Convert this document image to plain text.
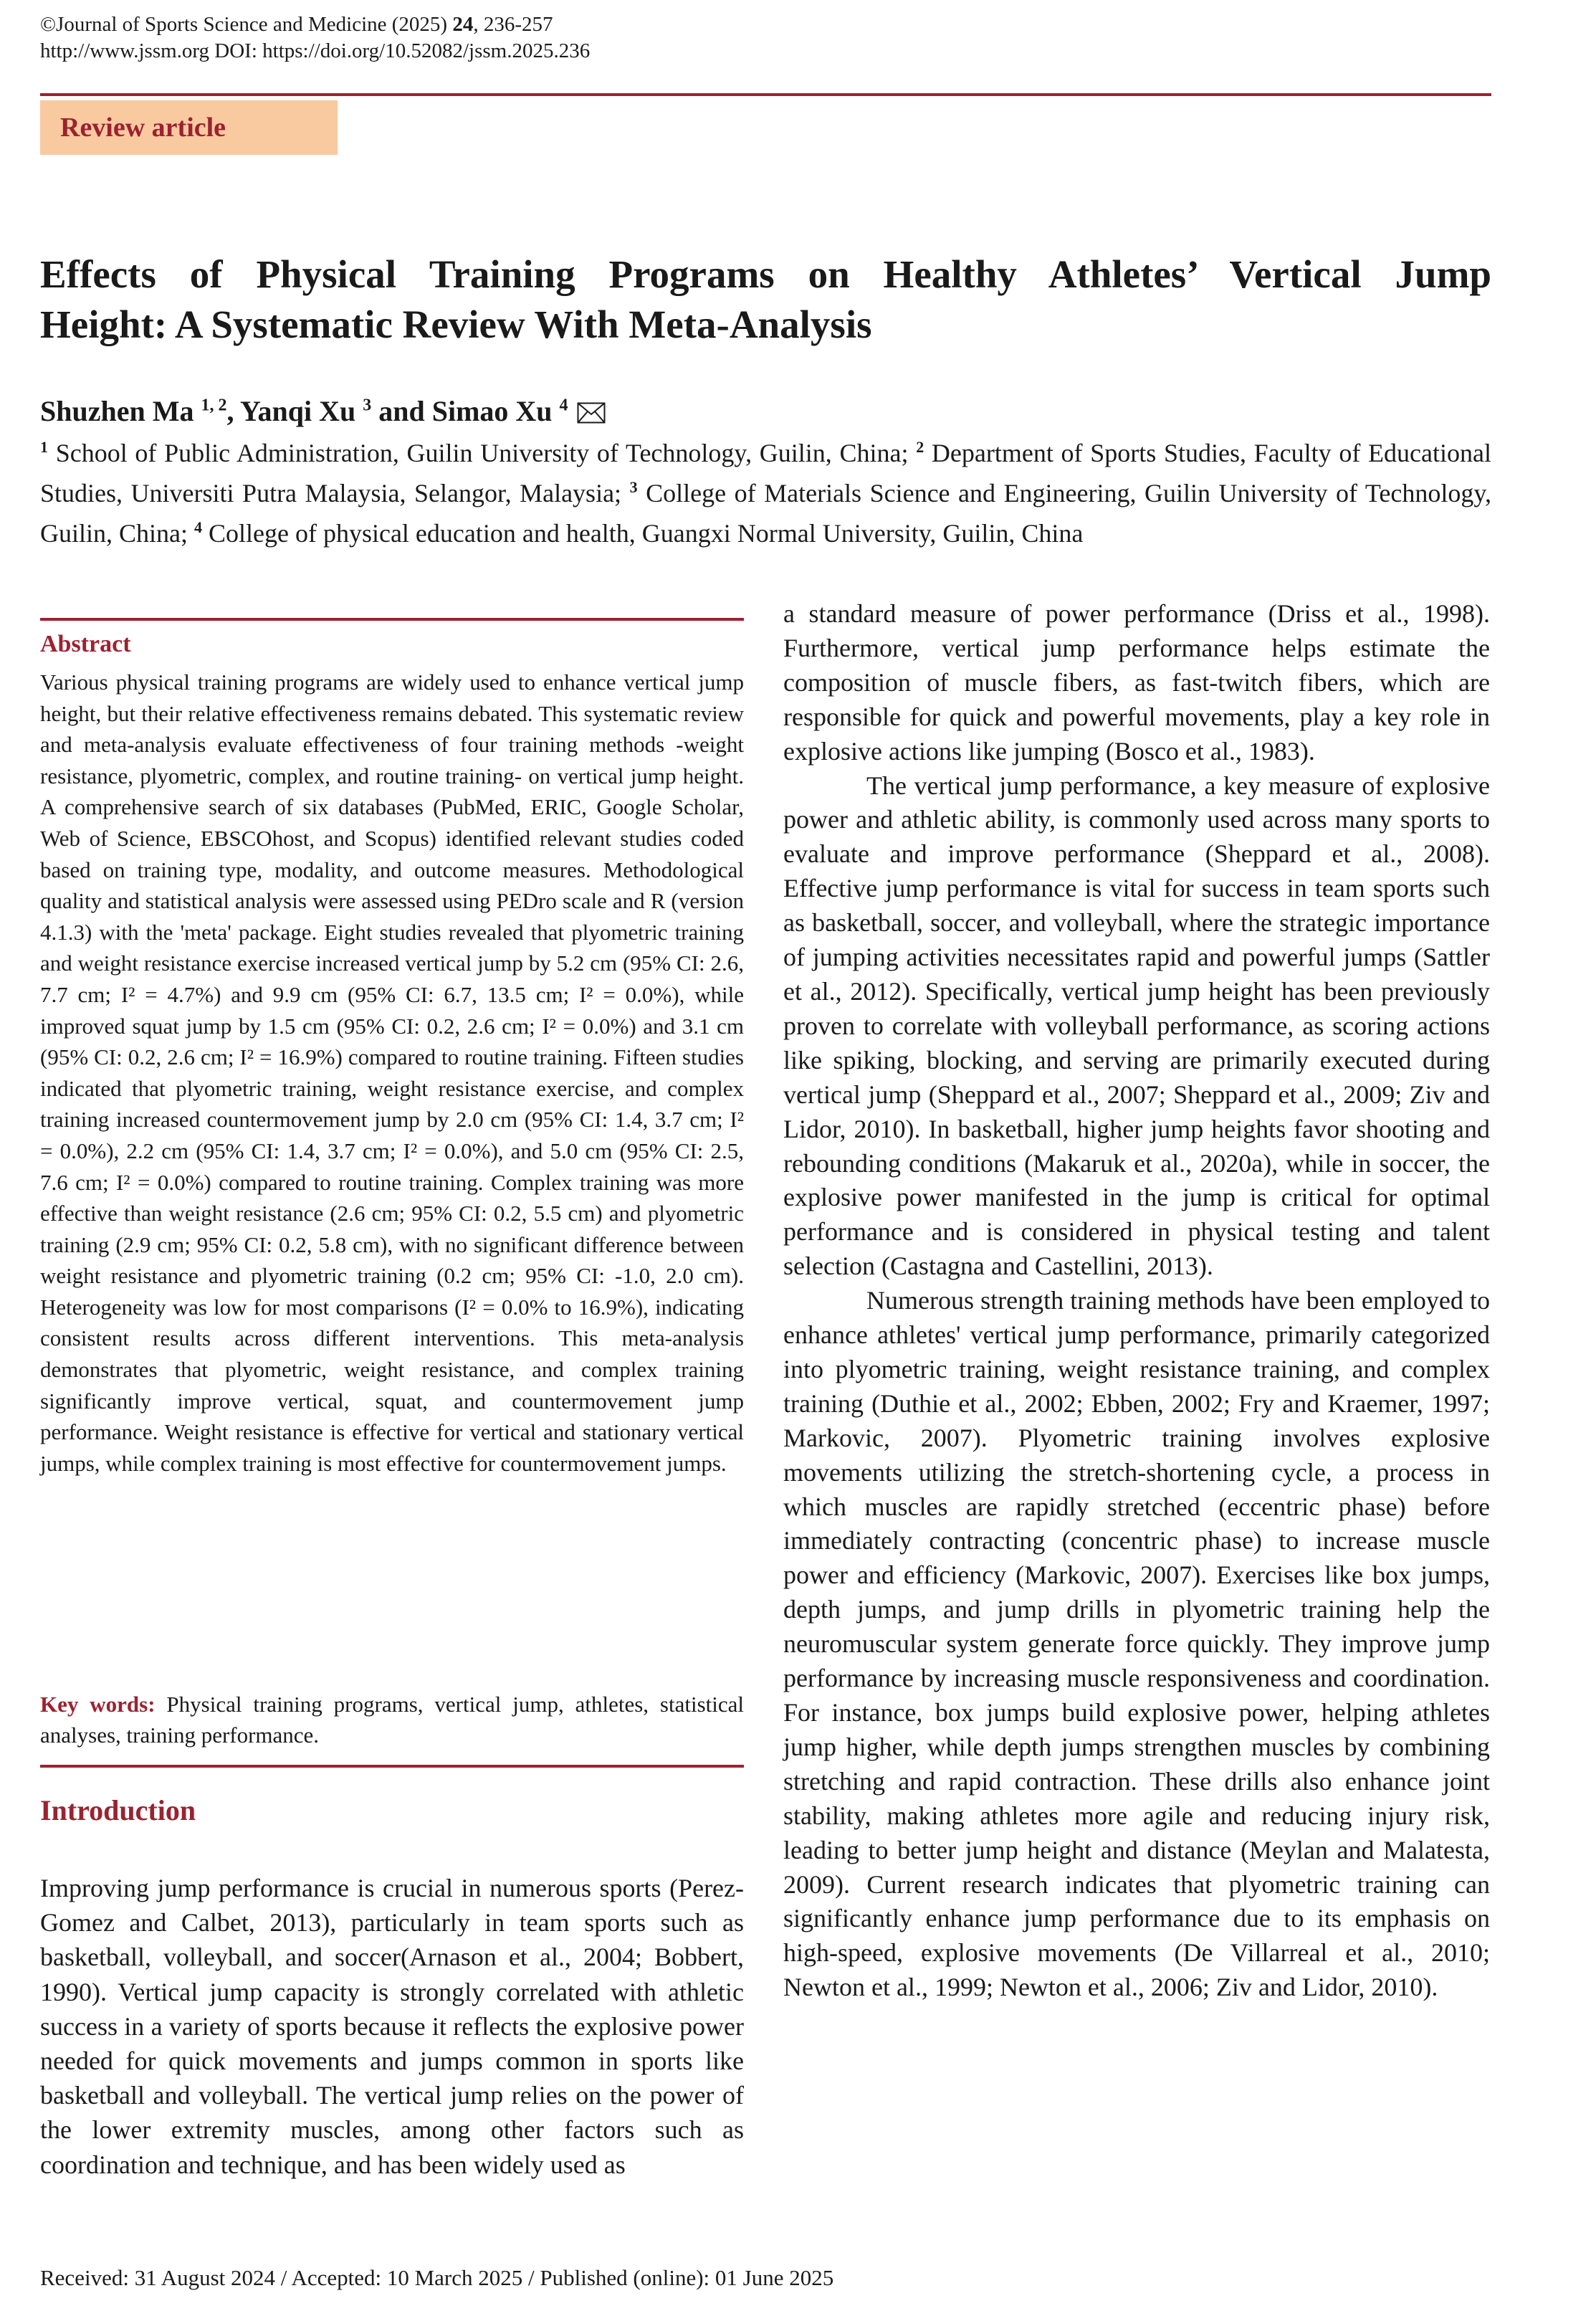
©Journal of Sports Science and Medicine (2025) 24, 236-257
http://www.jssm.org DOI: https://doi.org/10.52082/jssm.2025.236
Review article
Effects of Physical Training Programs on Healthy Athletes’ Vertical Jump
Height: A Systematic Review With Meta-Analysis
Shuzhen Ma $^{1, 2}$, Yanqi Xu $^3$ and Simao Xu $^4$
$^1$ School of Public Administration, Guilin University of Technology, Guilin, China; $^2$ Department of Sports Studies, Faculty of Educational Studies, Universiti Putra Malaysia, Selangor, Malaysia; $^3$ College of Materials Science and Engineering, Guilin University of Technology, Guilin, China; $^4$ College of physical education and health, Guangxi Normal University, Guilin, China
Abstract
Various physical training programs are widely used to enhance vertical jump height, but their relative effectiveness remains debated. This systematic review and meta-analysis evaluate effectiveness of four training methods -weight resistance, plyometric, complex, and routine training- on vertical jump height. A comprehensive search of six databases (PubMed, ERIC, Google Scholar, Web of Science, EBSCOhost, and Scopus) identified relevant studies coded based on training type, modality, and outcome measures. Methodological quality and statistical analysis were assessed using PEDro scale and R (version 4.1.3) with the 'meta' package. Eight studies revealed that plyometric training and weight resistance exercise increased vertical jump by 5.2 cm (95% CI: 2.6, 7.7 cm; I² = 4.7%) and 9.9 cm (95% CI: 6.7, 13.5 cm; I² = 0.0%), while improved squat jump by 1.5 cm (95% CI: 0.2, 2.6 cm; I² = 0.0%) and 3.1 cm (95% CI: 0.2, 2.6 cm; I² = 16.9%) compared to routine training. Fifteen studies indicated that plyometric training, weight resistance exercise, and complex training increased countermovement jump by 2.0 cm (95% CI: 1.4, 3.7 cm; I² = 0.0%), 2.2 cm (95% CI: 1.4, 3.7 cm; I² = 0.0%), and 5.0 cm (95% CI: 2.5, 7.6 cm; I² = 0.0%) compared to routine training. Complex training was more effective than weight resistance (2.6 cm; 95% CI: 0.2, 5.5 cm) and plyometric training (2.9 cm; 95% CI: 0.2, 5.8 cm), with no significant difference between weight resistance and plyometric training (0.2 cm; 95% CI: -1.0, 2.0 cm). Heterogeneity was low for most comparisons (I² = 0.0% to 16.9%), indicating consistent results across different interventions. This meta-analysis demonstrates that plyometric, weight resistance, and complex training significantly improve vertical, squat, and countermovement jump performance. Weight resistance is effective for vertical and stationary vertical jumps, while complex training is most effective for countermovement jumps.
Key words: Physical training programs, vertical jump, athletes, statistical analyses, training performance.
Introduction
Improving jump performance is crucial in numerous sports (Perez-Gomez and Calbet, 2013), particularly in team sports such as basketball, volleyball, and soccer(Arnason et al., 2004; Bobbert, 1990). Vertical jump capacity is strongly correlated with athletic success in a variety of sports because it reflects the explosive power needed for quick movements and jumps common in sports like basketball and volleyball. The vertical jump relies on the power of the lower extremity muscles, among other factors such as coordination and technique, and has been widely used as

a standard measure of power performance (Driss et al., 1998). Furthermore, vertical jump performance helps estimate the composition of muscle fibers, as fast-twitch fibers, which are responsible for quick and powerful movements, play a key role in explosive actions like jumping (Bosco et al., 1983).

The vertical jump performance, a key measure of explosive power and athletic ability, is commonly used across many sports to evaluate and improve performance (Sheppard et al., 2008). Effective jump performance is vital for success in team sports such as basketball, soccer, and volleyball, where the strategic importance of jumping activities necessitates rapid and powerful jumps (Sattler et al., 2012). Specifically, vertical jump height has been previously proven to correlate with volleyball performance, as scoring actions like spiking, blocking, and serving are primarily executed during vertical jump (Sheppard et al., 2007; Sheppard et al., 2009; Ziv and Lidor, 2010). In basketball, higher jump heights favor shooting and rebounding conditions (Makaruk et al., 2020a), while in soccer, the explosive power manifested in the jump is critical for optimal performance and is considered in physical testing and talent selection (Castagna and Castellini, 2013).

Numerous strength training methods have been employed to enhance athletes' vertical jump performance, primarily categorized into plyometric training, weight resistance training, and complex training (Duthie et al., 2002; Ebben, 2002; Fry and Kraemer, 1997; Markovic, 2007). Plyometric training involves explosive movements utilizing the stretch-shortening cycle, a process in which muscles are rapidly stretched (eccentric phase) before immediately contracting (concentric phase) to increase muscle power and efficiency (Markovic, 2007). Exercises like box jumps, depth jumps, and jump drills in plyometric training help the neuromuscular system generate force quickly. They improve jump performance by increasing muscle responsiveness and coordination. For instance, box jumps build explosive power, helping athletes jump higher, while depth jumps strengthen muscles by combining stretching and rapid contraction. These drills also enhance joint stability, making athletes more agile and reducing injury risk, leading to better jump height and distance (Meylan and Malatesta, 2009). Current research indicates that plyometric training can significantly enhance jump performance due to its emphasis on high-speed, explosive movements (De Villarreal et al., 2010; Newton et al., 1999; Newton et al., 2006; Ziv and Lidor, 2010).

Received: 31 August 2024 / Accepted: 10 March 2025 / Published (online): 01 June 2025
